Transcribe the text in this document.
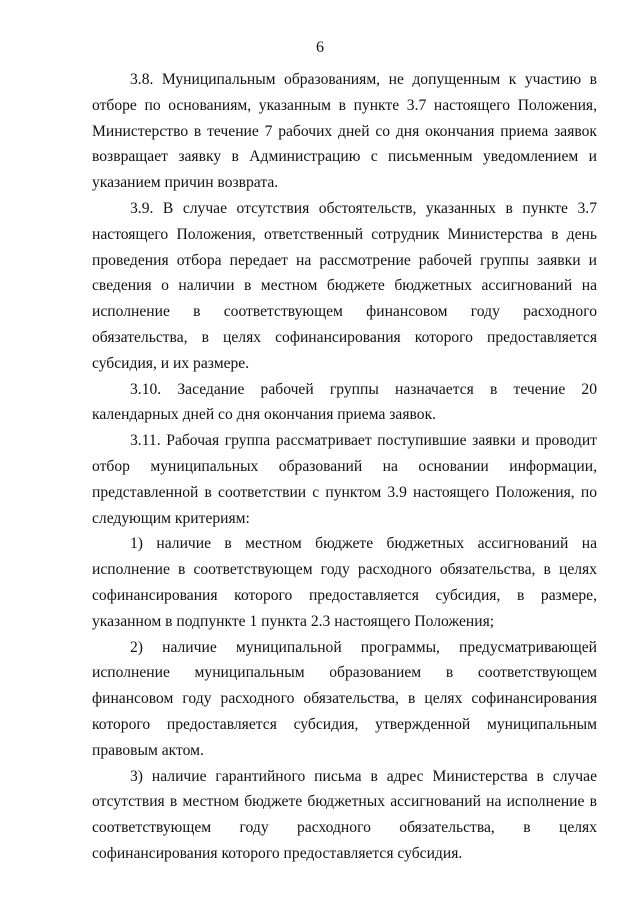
6

3.8. Муниципальным образованиям, не допущенным к участию в отборе по основаниям, указанным в пункте 3.7 настоящего Положения, Министерство в течение 7 рабочих дней со дня окончания приема заявок возвращает заявку в Администрацию с письменным уведомлением и указанием причин возврата.

3.9. В случае отсутствия обстоятельств, указанных в пункте 3.7 настоящего Положения, ответственный сотрудник Министерства в день проведения отбора передает на рассмотрение рабочей группы заявки и сведения о наличии в местном бюджете бюджетных ассигнований на исполнение в соответствующем финансовом году расходного обязательства, в целях софинансирования которого предоставляется субсидия, и их размере.

3.10. Заседание рабочей группы назначается в течение 20 календарных дней со дня окончания приема заявок.

3.11. Рабочая группа рассматривает поступившие заявки и проводит отбор муниципальных образований на основании информации, представленной в соответствии с пунктом 3.9 настоящего Положения, по следующим критериям:

1) наличие в местном бюджете бюджетных ассигнований на исполнение в соответствующем году расходного обязательства, в целях софинансирования которого предоставляется субсидия, в размере, указанном в подпункте 1 пункта 2.3 настоящего Положения;

2) наличие муниципальной программы, предусматривающей исполнение муниципальным образованием в соответствующем финансовом году расходного обязательства, в целях софинансирования которого предоставляется субсидия, утвержденной муниципальным правовым актом.

3) наличие гарантийного письма в адрес Министерства в случае отсутствия в местном бюджете бюджетных ассигнований на исполнение в соответствующем году расходного обязательства, в целях софинансирования которого предоставляется субсидия.
